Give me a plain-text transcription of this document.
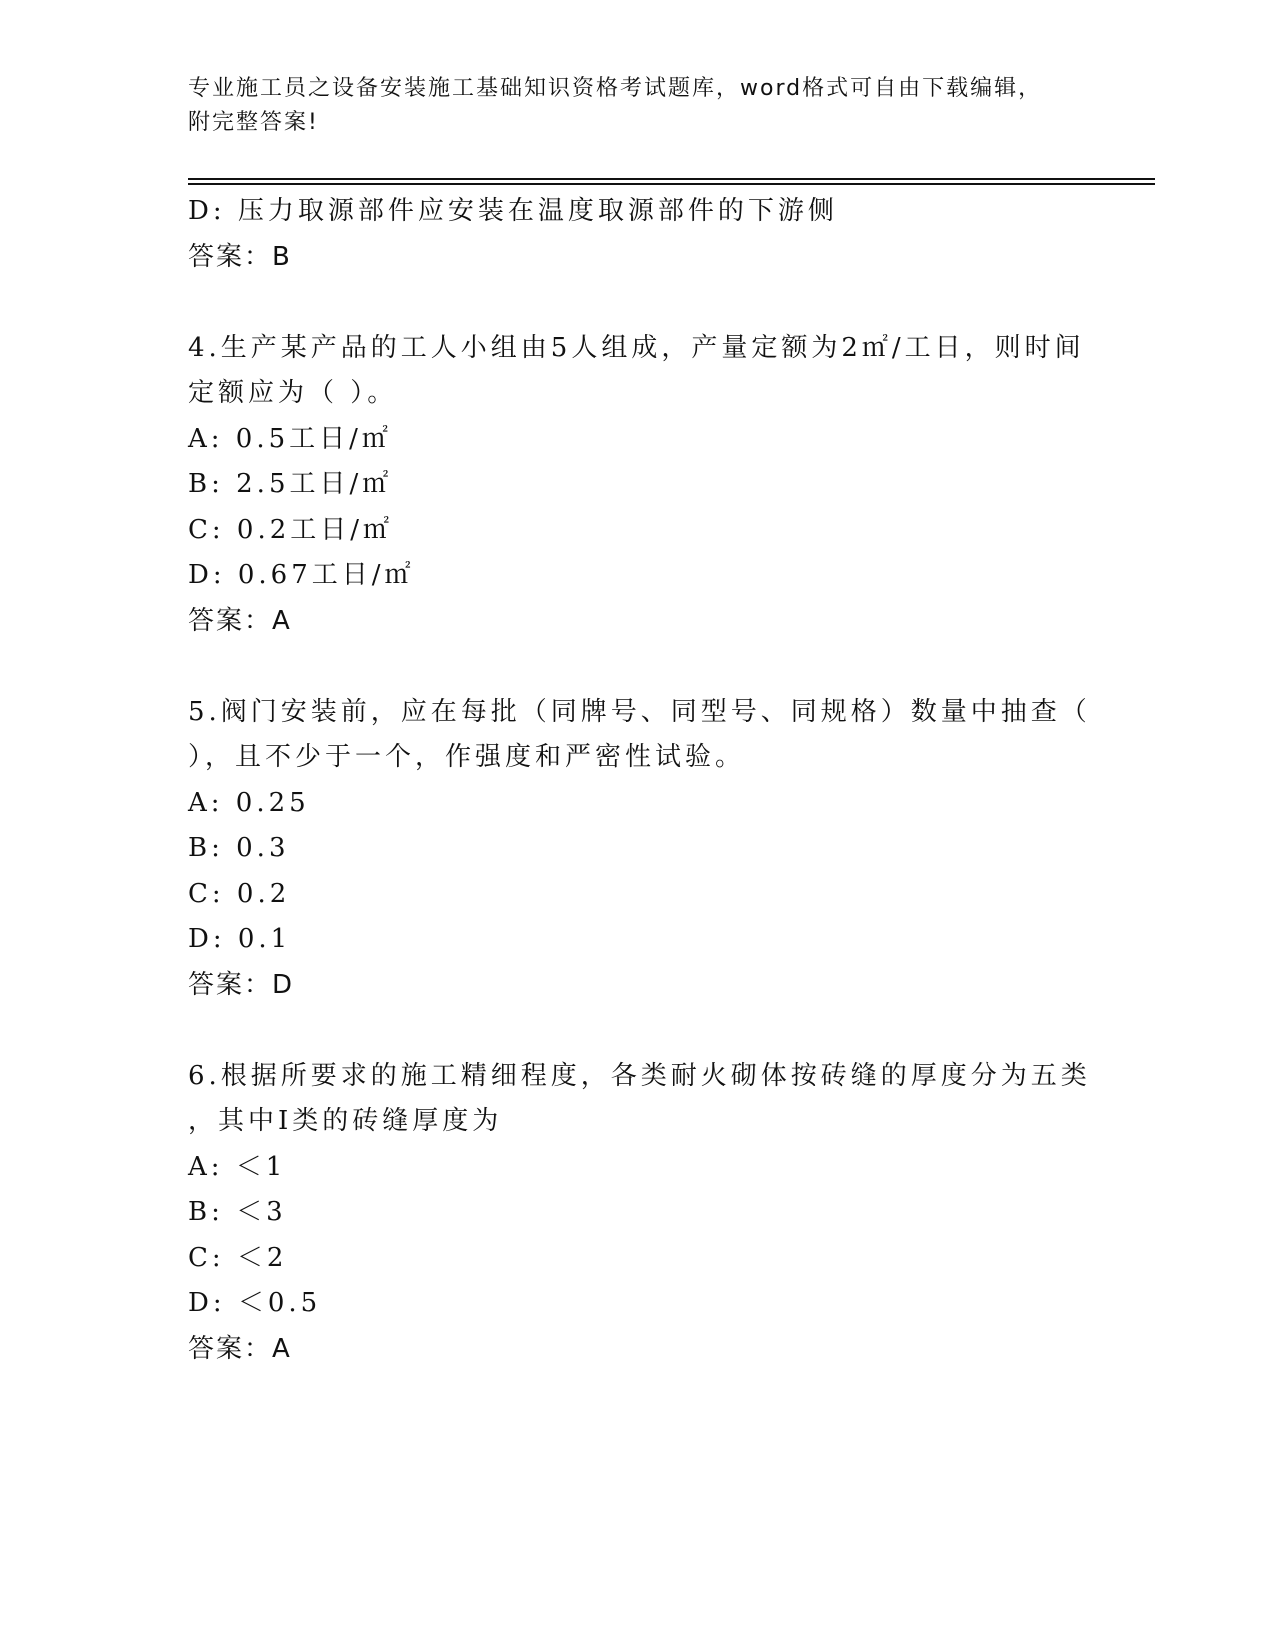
专业施工员之设备安装施工基础知识资格考试题库，word格式可自由下载编辑，
附完整答案!
D: 压力取源部件应安装在温度取源部件的下游侧
答案：B
4.生产某产品的工人小组由5人组成，产量定额为2㎡/工日，则时间
定额应为（ ）。
A: 0.5工日/㎡
B: 2.5工日/㎡
C: 0.2工日/㎡
D: 0.67工日/㎡
答案：A
5.阀门安装前，应在每批（同牌号、同型号、同规格）数量中抽查（
），且不少于一个，作强度和严密性试验。
A: 0.25
B: 0.3
C: 0.2
D: 0.1
答案：D
6.根据所要求的施工精细程度，各类耐火砌体按砖缝的厚度分为五类
，其中I类的砖缝厚度为
A: ＜1
B: ＜3
C: ＜2
D: ＜0.5
答案：A
